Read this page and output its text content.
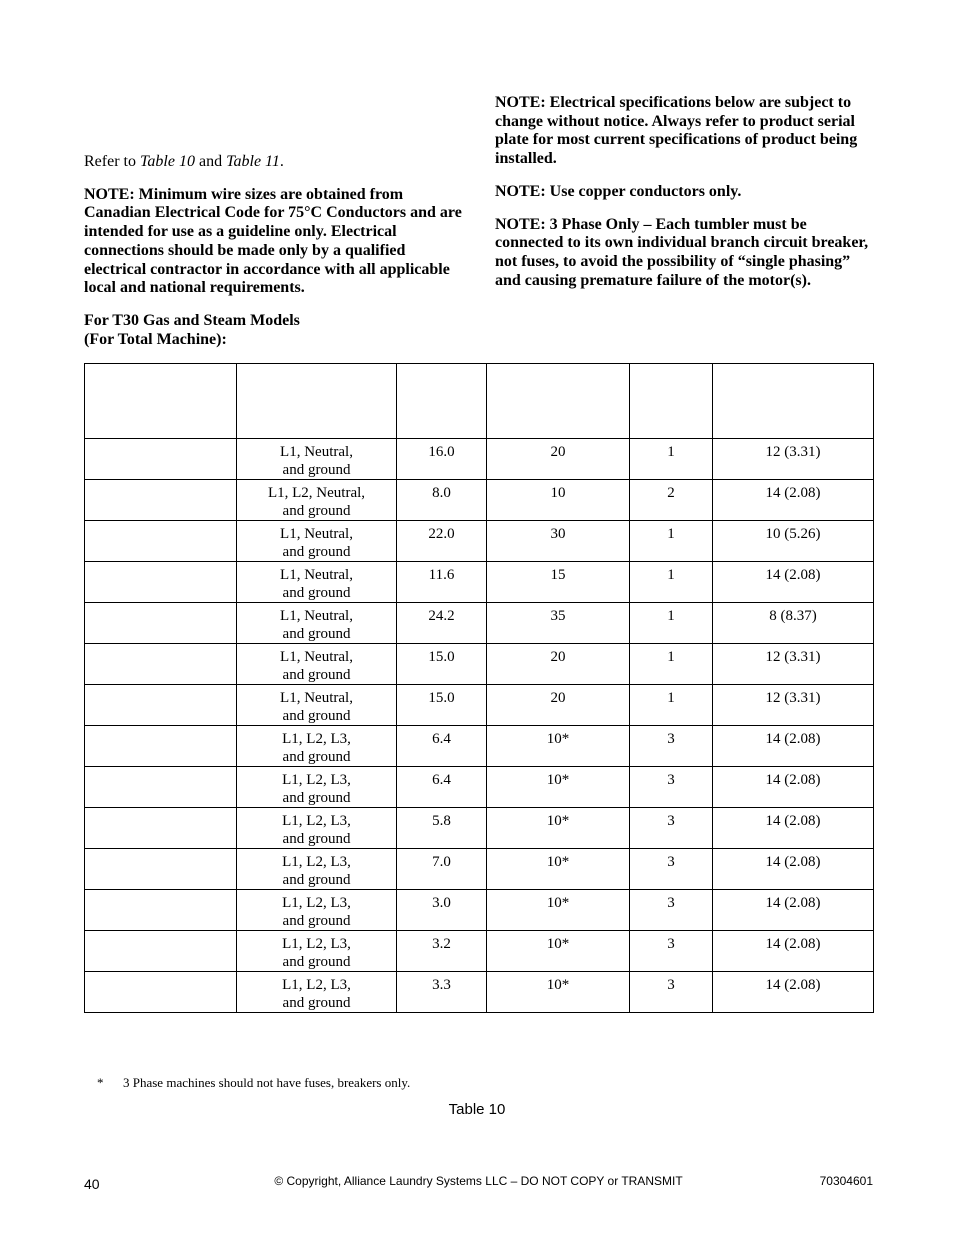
Refer to Table 10 and Table 11.

NOTE: Minimum wire sizes are obtained from Canadian Electrical Code for 75°C Conductors and are intended for use as a guideline only. Electrical connections should be made only by a qualified electrical contractor in accordance with all applicable local and national requirements.

For T30 Gas and Steam Models
(For Total Machine):

NOTE: Electrical specifications below are subject to change without notice. Always refer to product serial plate for most current specifications of product being installed.

NOTE: Use copper conductors only.

NOTE: 3 Phase Only – Each tumbler must be connected to its own individual branch circuit breaker, not fuses, to avoid the possibility of “single phasing” and causing premature failure of the motor(s).

	L1, Neutral,
and ground	16.0	20	1	12 (3.31)
	L1, L2, Neutral,
and ground	8.0	10	2	14 (2.08)
	L1, Neutral,
and ground	22.0	30	1	10 (5.26)
	L1, Neutral,
and ground	11.6	15	1	14 (2.08)
	L1, Neutral,
and ground	24.2	35	1	8 (8.37)
	L1, Neutral,
and ground	15.0	20	1	12 (3.31)
	L1, Neutral,
and ground	15.0	20	1	12 (3.31)
	L1, L2, L3,
and ground	6.4	10*	3	14 (2.08)
	L1, L2, L3,
and ground	6.4	10*	3	14 (2.08)
	L1, L2, L3,
and ground	5.8	10*	3	14 (2.08)
	L1, L2, L3,
and ground	7.0	10*	3	14 (2.08)
	L1, L2, L3,
and ground	3.0	10*	3	14 (2.08)
	L1, L2, L3,
and ground	3.2	10*	3	14 (2.08)
	L1, L2, L3,
and ground	3.3	10*	3	14 (2.08)
* 3 Phase machines should not have fuses, breakers only.
Table 10
40	© Copyright, Alliance Laundry Systems LLC – DO NOT COPY or TRANSMIT	70304601
